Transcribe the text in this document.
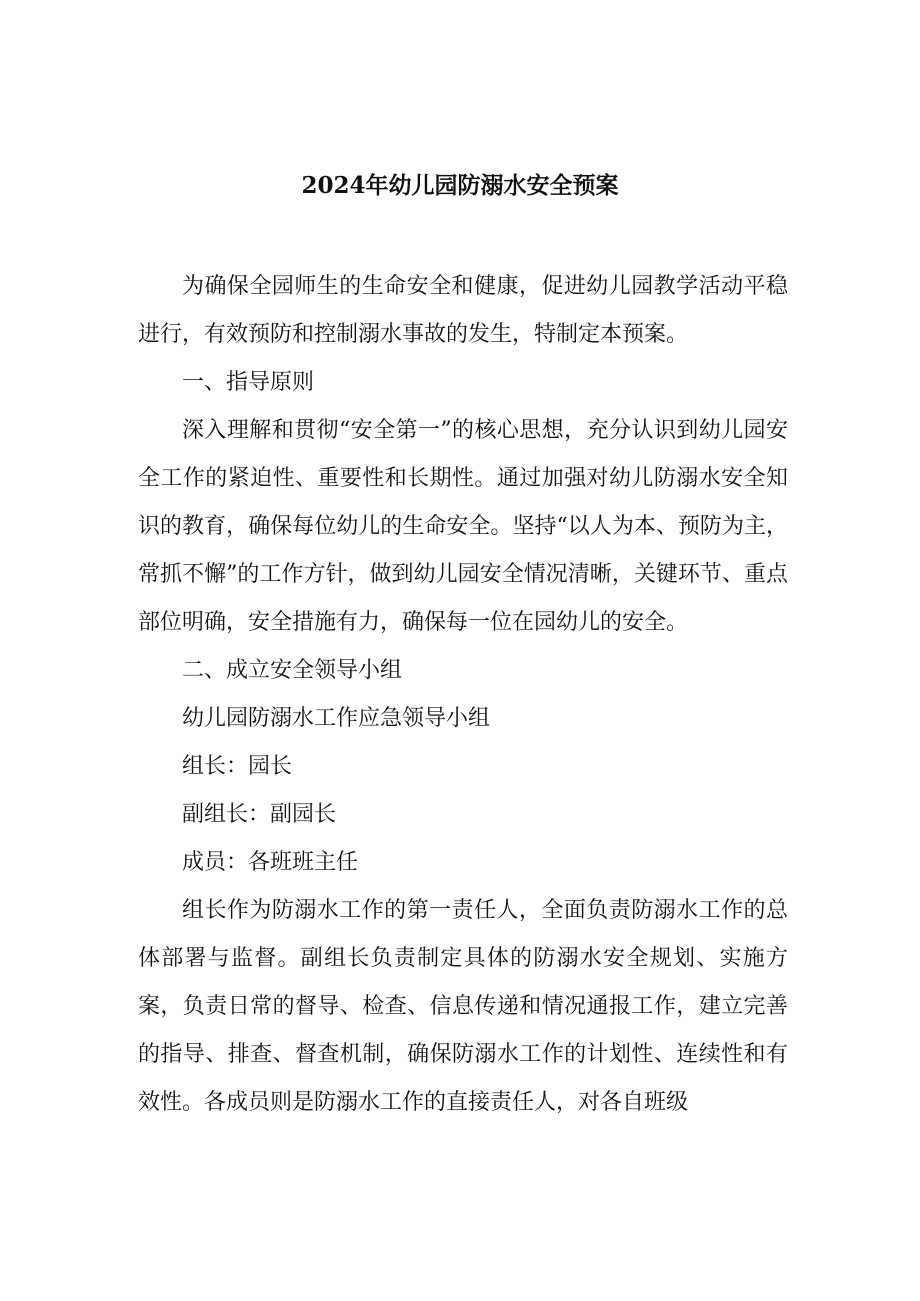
2024年幼儿园防溺水安全预案

为确保全园师生的生命安全和健康，促进幼儿园教学活动平稳进行，有效预防和控制溺水事故的发生，特制定本预案。

一、指导原则

深入理解和贯彻“安全第一”的核心思想，充分认识到幼儿园安全工作的紧迫性、重要性和长期性。通过加强对幼儿防溺水安全知识的教育，确保每位幼儿的生命安全。坚持“以人为本、预防为主，常抓不懈”的工作方针，做到幼儿园安全情况清晰，关键环节、重点部位明确，安全措施有力，确保每一位在园幼儿的安全。

二、成立安全领导小组

幼儿园防溺水工作应急领导小组

组长：园长

副组长：副园长

成员：各班班主任

组长作为防溺水工作的第一责任人，全面负责防溺水工作的总体部署与监督。副组长负责制定具体的防溺水安全规划、实施方案，负责日常的督导、检查、信息传递和情况通报工作，建立完善的指导、排查、督查机制，确保防溺水工作的计划性、连续性和有效性。各成员则是防溺水工作的直接责任人，对各自班级
